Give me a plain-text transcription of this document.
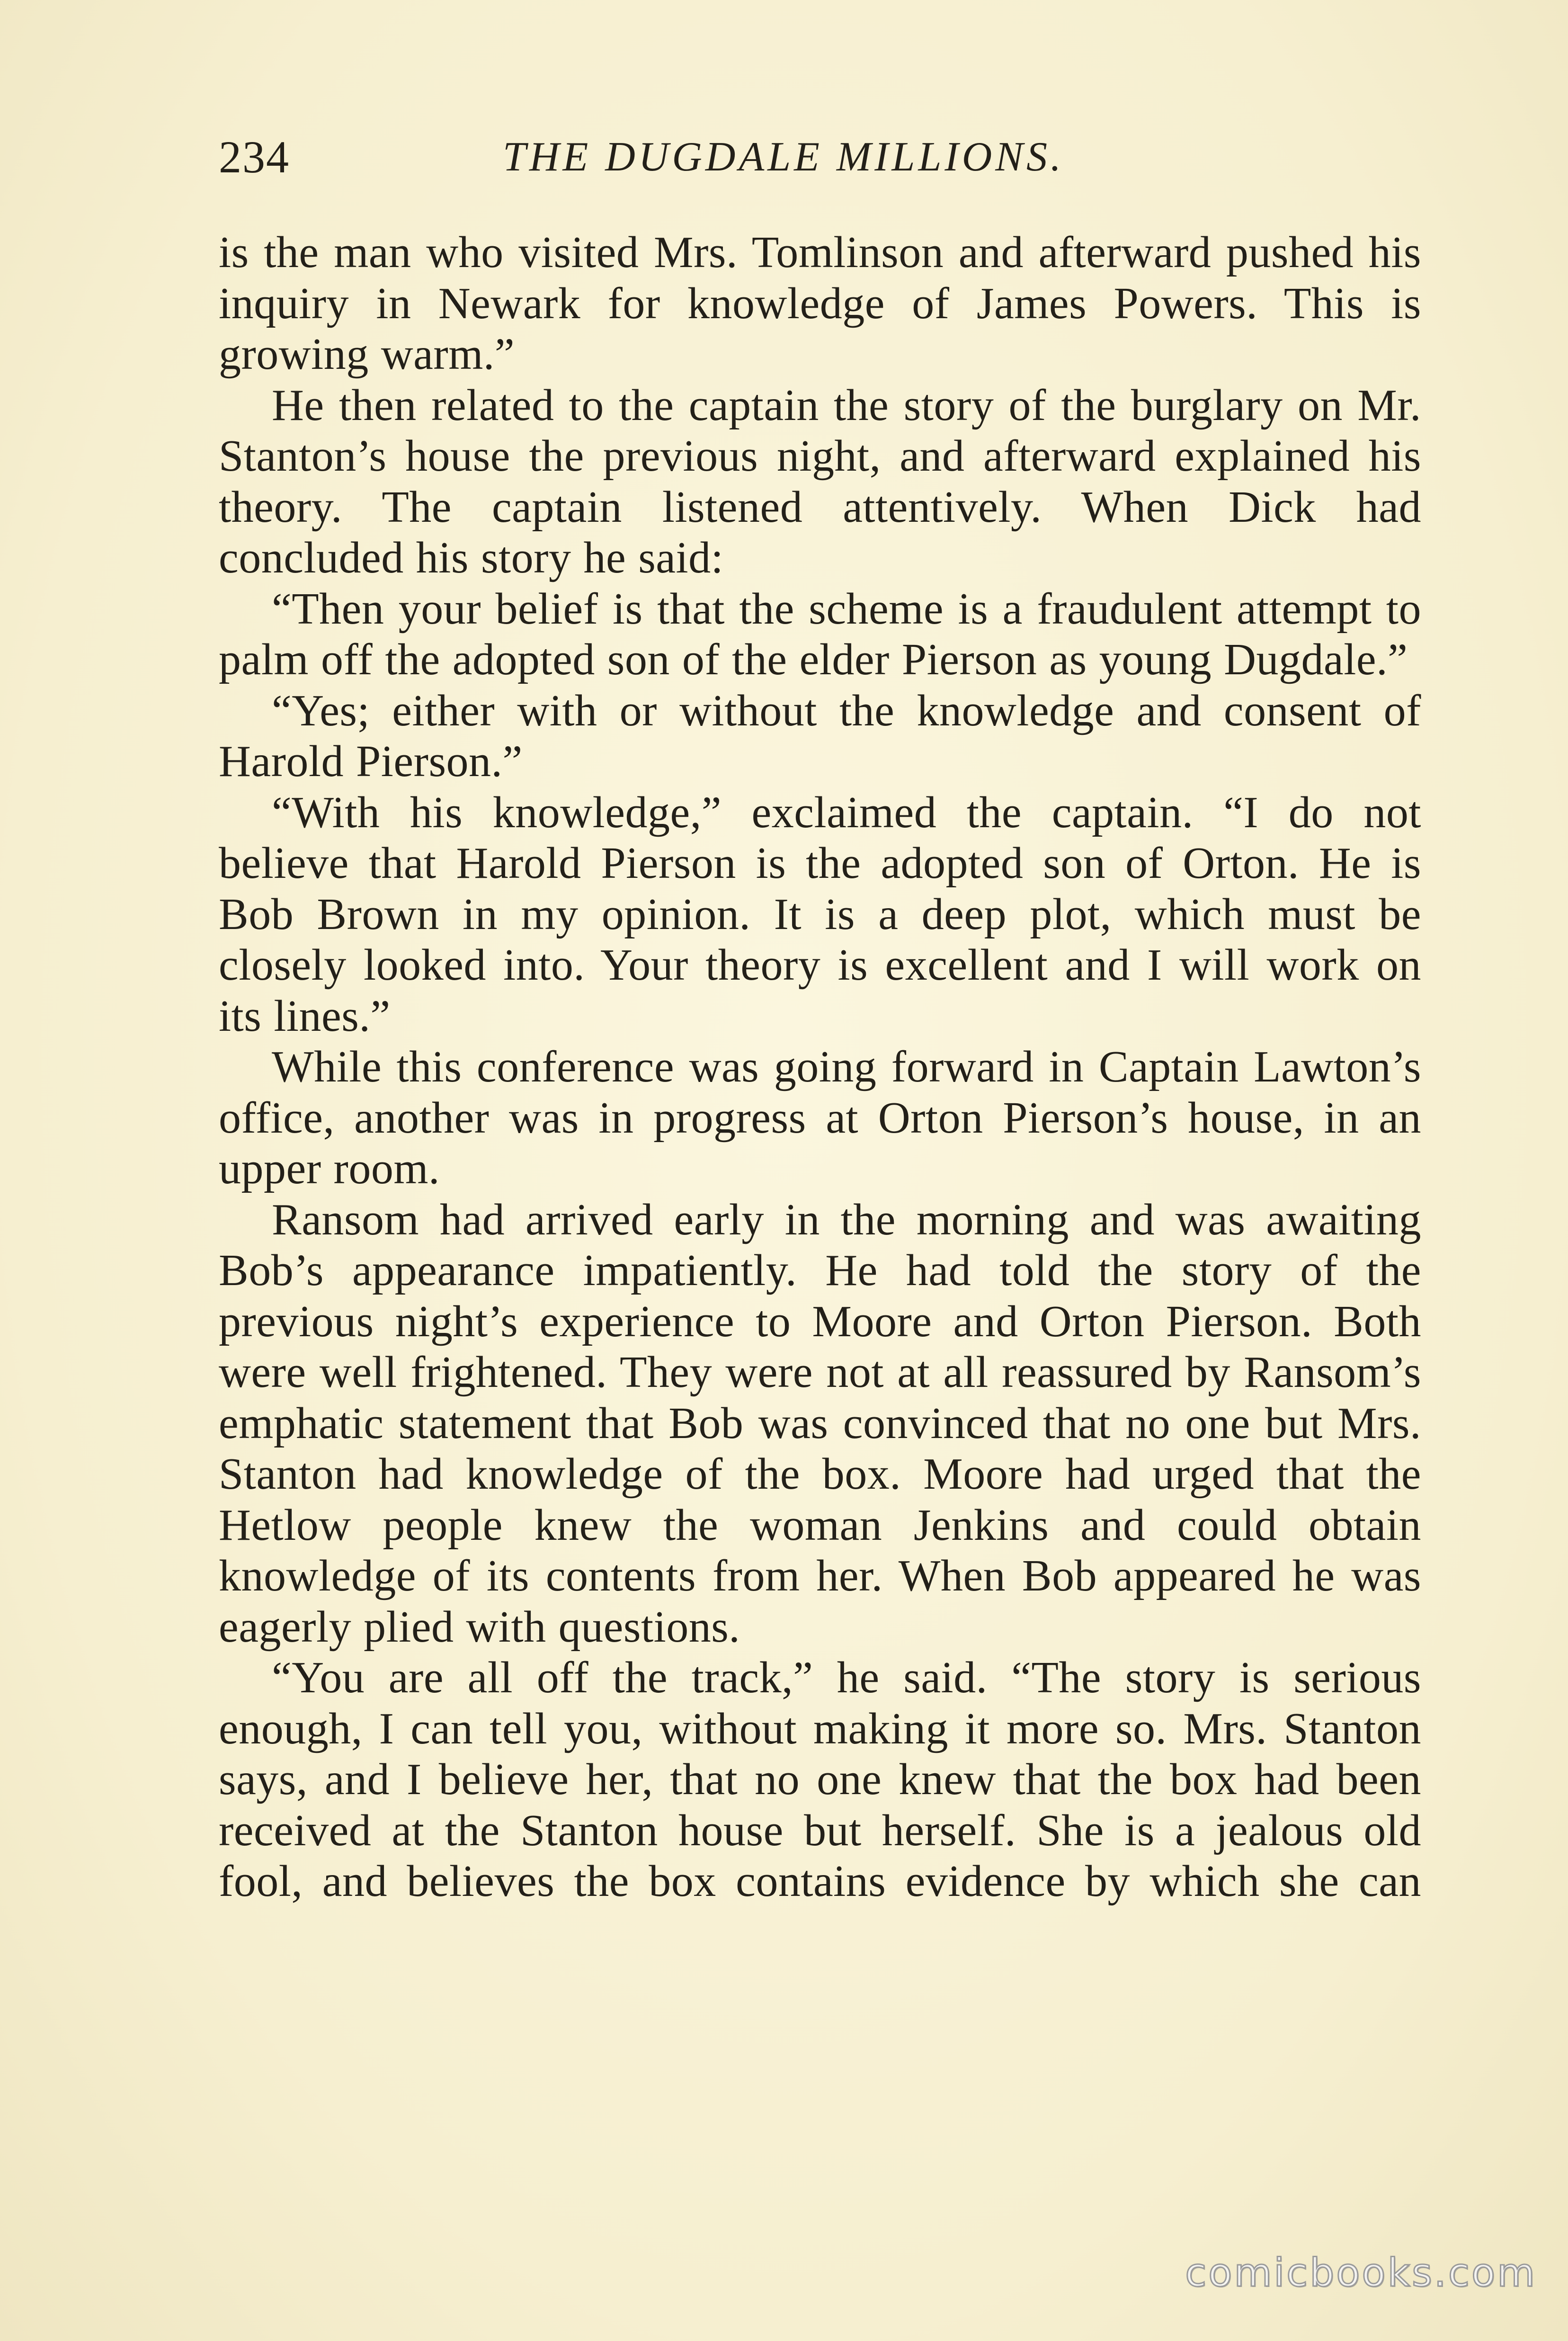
234	THE DUGDALE MILLIONS.

is the man who visited Mrs. Tomlinson and afterward pushed his inquiry in Newark for knowledge of James Powers. This is growing warm.”

He then related to the captain the story of the burglary on Mr. Stanton’s house the previous night, and afterward explained his theory. The captain listened attentively. When Dick had concluded his story he said:

“Then your belief is that the scheme is a fraudulent attempt to palm off the adopted son of the elder Pierson as young Dugdale.”

“Yes; either with or without the knowledge and consent of Harold Pierson.”

“With his knowledge,” exclaimed the captain. “I do not believe that Harold Pierson is the adopted son of Orton. He is Bob Brown in my opinion. It is a deep plot, which must be closely looked into. Your theory is excellent and I will work on its lines.”

While this conference was going forward in Captain Lawton’s office, another was in progress at Orton Pierson’s house, in an upper room.

Ransom had arrived early in the morning and was awaiting Bob’s appearance impatiently. He had told the story of the previous night’s experience to Moore and Orton Pierson. Both were well frightened. They were not at all reassured by Ransom’s emphatic statement that Bob was convinced that no one but Mrs. Stanton had knowledge of the box. Moore had urged that the Hetlow people knew the woman Jenkins and could obtain knowledge of its contents from her. When Bob appeared he was eagerly plied with questions.

“You are all off the track,” he said. “The story is serious enough, I can tell you, without making it more so. Mrs. Stanton says, and I believe her, that no one knew that the box had been received at the Stanton house but herself. She is a jealous old fool, and believes the box contains evidence by which she can

comicbooks.com
